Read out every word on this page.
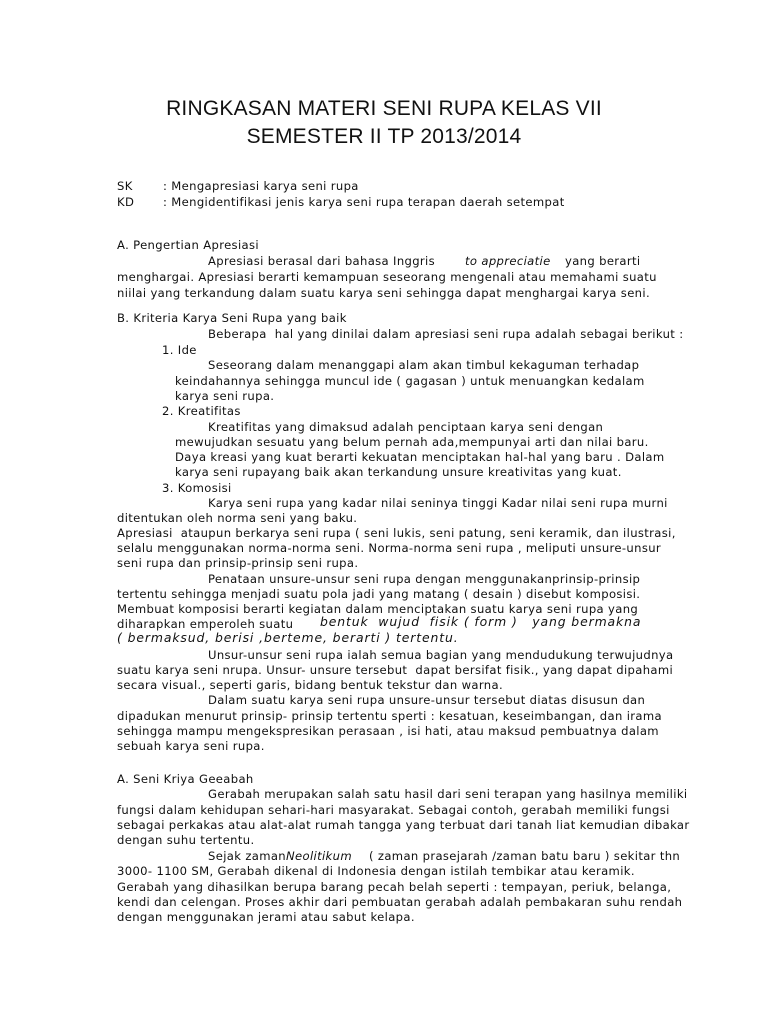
RINGKASAN MATERI SENI RUPA KELAS VII
SEMESTER II TP 2013/2014
SK	: Mengapresiasi karya seni rupa
KD : Mengidentifikasi jenis karya seni rupa terapan daerah setempat
A. Pengertian Apresiasi
Apresiasi berasal dari bahasa Inggris	to appreciatie yang berarti
menghargai. Apresiasi berarti kemampuan seseorang mengenali atau memahami suatu
niilai yang terkandung dalam suatu karya seni sehingga dapat menghargai karya seni.
B. Kriteria Karya Seni Rupa yang baik
Beberapa  hal yang dinilai dalam apresiasi seni rupa adalah sebagai berikut :
1. Ide
Seseorang dalam menanggapi alam akan timbul kekaguman terhadap
keindahannya sehingga muncul ide ( gagasan ) untuk menuangkan kedalam
karya seni rupa.
2. Kreatifitas
Kreatifitas yang dimaksud adalah penciptaan karya seni dengan
mewujudkan sesuatu yang belum pernah ada,mempunyai arti dan nilai baru.
Daya kreasi yang kuat berarti kekuatan menciptakan hal-hal yang baru . Dalam
karya seni rupayang baik akan terkandung unsure kreativitas yang kuat.
3. Komosisi
Karya seni rupa yang kadar nilai seninya tinggi Kadar nilai seni rupa murni
ditentukan oleh norma seni yang baku.
Apresiasi  ataupun berkarya seni rupa ( seni lukis, seni patung, seni keramik, dan ilustrasi,
selalu menggunakan norma-norma seni. Norma-norma seni rupa , meliputi unsure-unsur
seni rupa dan prinsip-prinsip seni rupa.
Penataan unsure-unsur seni rupa dengan menggunakanprinsip-prinsip
tertentu sehingga menjadi suatu pola jadi yang matang ( desain ) disebut komposisi.
Membuat komposisi berarti kegiatan dalam menciptakan suatu karya seni rupa yang
diharapkan emperoleh suatu bentuk  wujud  fisik ( form )   yang bermakna
( bermaksud, berisi ,berteme, berarti ) tertentu.
Unsur-unsur seni rupa ialah semua bagian yang mendudukung terwujudnya
suatu karya seni nrupa. Unsur- unsure tersebut  dapat bersifat fisik., yang dapat dipahami
secara visual., seperti garis, bidang bentuk tekstur dan warna.
Dalam suatu karya seni rupa unsure-unsur tersebut diatas disusun dan
dipadukan menurut prinsip- prinsip tertentu sperti : kesatuan, keseimbangan, dan irama
sehingga mampu mengekspresikan perasaan , isi hati, atau maksud pembuatnya dalam
sebuah karya seni rupa.
A. Seni Kriya Geeabah
Gerabah merupakan salah satu hasil dari seni terapan yang hasilnya memiliki
fungsi dalam kehidupan sehari-hari masyarakat. Sebagai contoh, gerabah memiliki fungsi
sebagai perkakas atau alat-alat rumah tangga yang terbuat dari tanah liat kemudian dibakar
dengan suhu tertentu.
Sejak zaman Neolitikum ( zaman prasejarah /zaman batu baru ) sekitar thn
3000- 1100 SM, Gerabah dikenal di Indonesia dengan istilah tembikar atau keramik.
Gerabah yang dihasilkan berupa barang pecah belah seperti : tempayan, periuk, belanga,
kendi dan celengan. Proses akhir dari pembuatan gerabah adalah pembakaran suhu rendah
dengan menggunakan jerami atau sabut kelapa.
